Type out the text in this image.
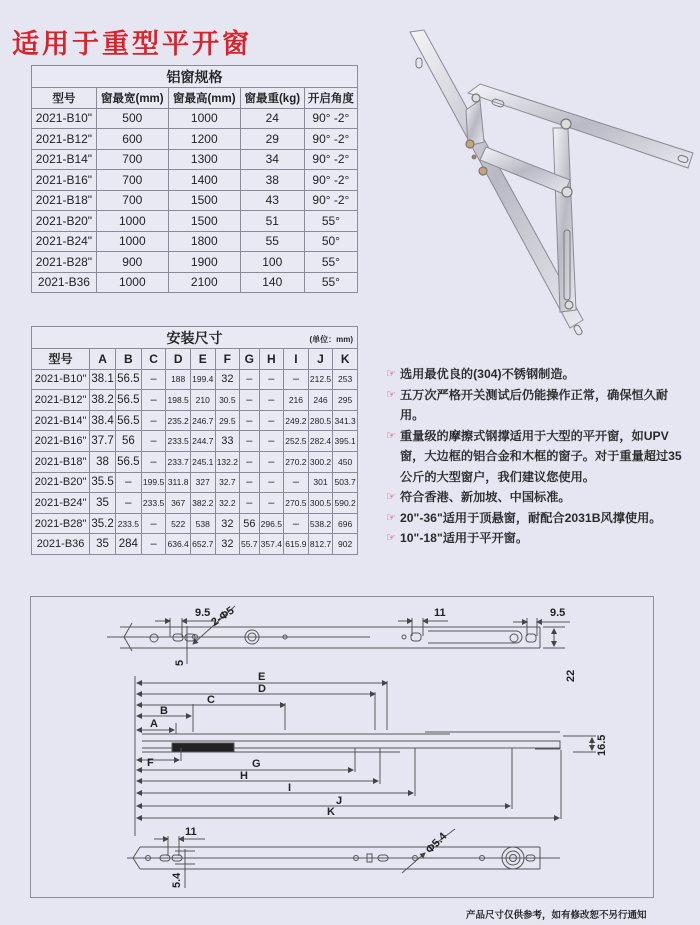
适用于重型平开窗
铝窗规格				
型号	窗最宽(mm)	窗最高(mm)	窗最重(kg)	开启角度
2021-B10"	500	1000	24	90° -2°
2021-B12"	600	1200	29	90° -2°
2021-B14"	700	1300	34	90° -2°
2021-B16"	700	1400	38	90° -2°
2021-B18"	700	1500	43	90° -2°
2021-B20"	1000	1500	51	55°
2021-B24"	1000	1800	55	50°
2021-B28"	900	1900	100	55°
2021-B36	1000	2100	140	55°
安装尺寸 (单位：mm)											

型号	A	B	C	D	E	F	G	H	I	J	K
2021-B10"	38.1	56.5	–	188	199.4	32	–	–	–	212.5	253
2021-B12"	38.2	56.5	–	198.5	210	30.5	–	–	216	246	295
2021-B14"	38.4	56.5	–	235.2	246.7	29.5	–	–	249.2	280.5	341.3
2021-B16"	37.7	56	–	233.5	244.7	33	–	–	252.5	282.4	395.1
2021-B18"	38	56.5	–	233.7	245.1	132.2	–	–	270.2	300.2	450
2021-B20"	35.5	–	199.5	311.8	327	32.7	–	–	–	301	503.7
2021-B24"	35	–	233.5	367	382.2	32.2	–	–	270.5	300.5	590.2
2021-B28"	35.2	233.5	–	522	538	32	56	296.5	–	538.2	696
2021-B36	35	284	–	636.4	652.7	32	55.7	357.4	615.9	812.7	902
☞ 选用最优良的(304)不锈钢制造。
☞ 五万次严格开关测试后仍能操作正常，确保恒久耐用。
☞ 重量级的摩擦式钢撑适用于大型的平开窗，如UPV窗，大边框的铝合金和木框的窗子。对于重量超过35公斤的大型窗户，我们建议您使用。
☞ 符合香港、新加坡、中国标准。
☞ 20"-36"适用于顶悬窗，耐配合2031B风撑使用。
☞ 10"-18"适用于平开窗。
9.5
2-Φ5
5
11	9.5
22
E
D
C
B
A
F	G
H
I
J
K
16.5
11
5.4
Φ5.4
产品尺寸仅供参考，如有修改恕不另行通知
